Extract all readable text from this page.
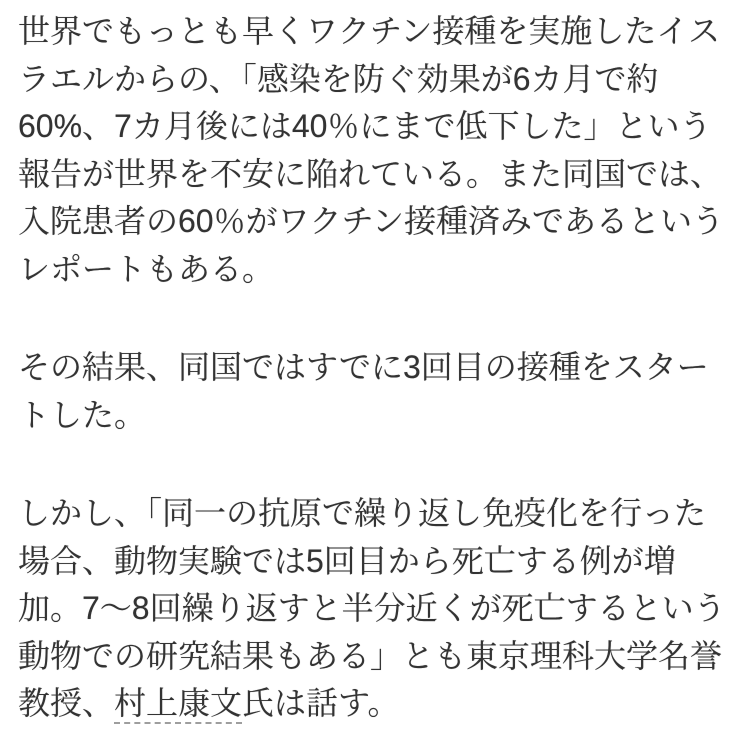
世界でもっとも早くワクチン接種を実施したイス
ラエルからの、「感染を防ぐ効果が6カ月で約
60%、7カ月後には40％にまで低下した」という
報告が世界を不安に陥れている。また同国では、
入院患者の60％がワクチン接種済みであるという
レポートもある。

その結果、同国ではすでに3回目の接種をスター
トした。

しかし、「同一の抗原で繰り返し免疫化を行った
場合、動物実験では5回目から死亡する例が増
加。7〜8回繰り返すと半分近くが死亡するという
動物での研究結果もある」とも東京理科大学名誉
教授、村上康文氏は話す。
